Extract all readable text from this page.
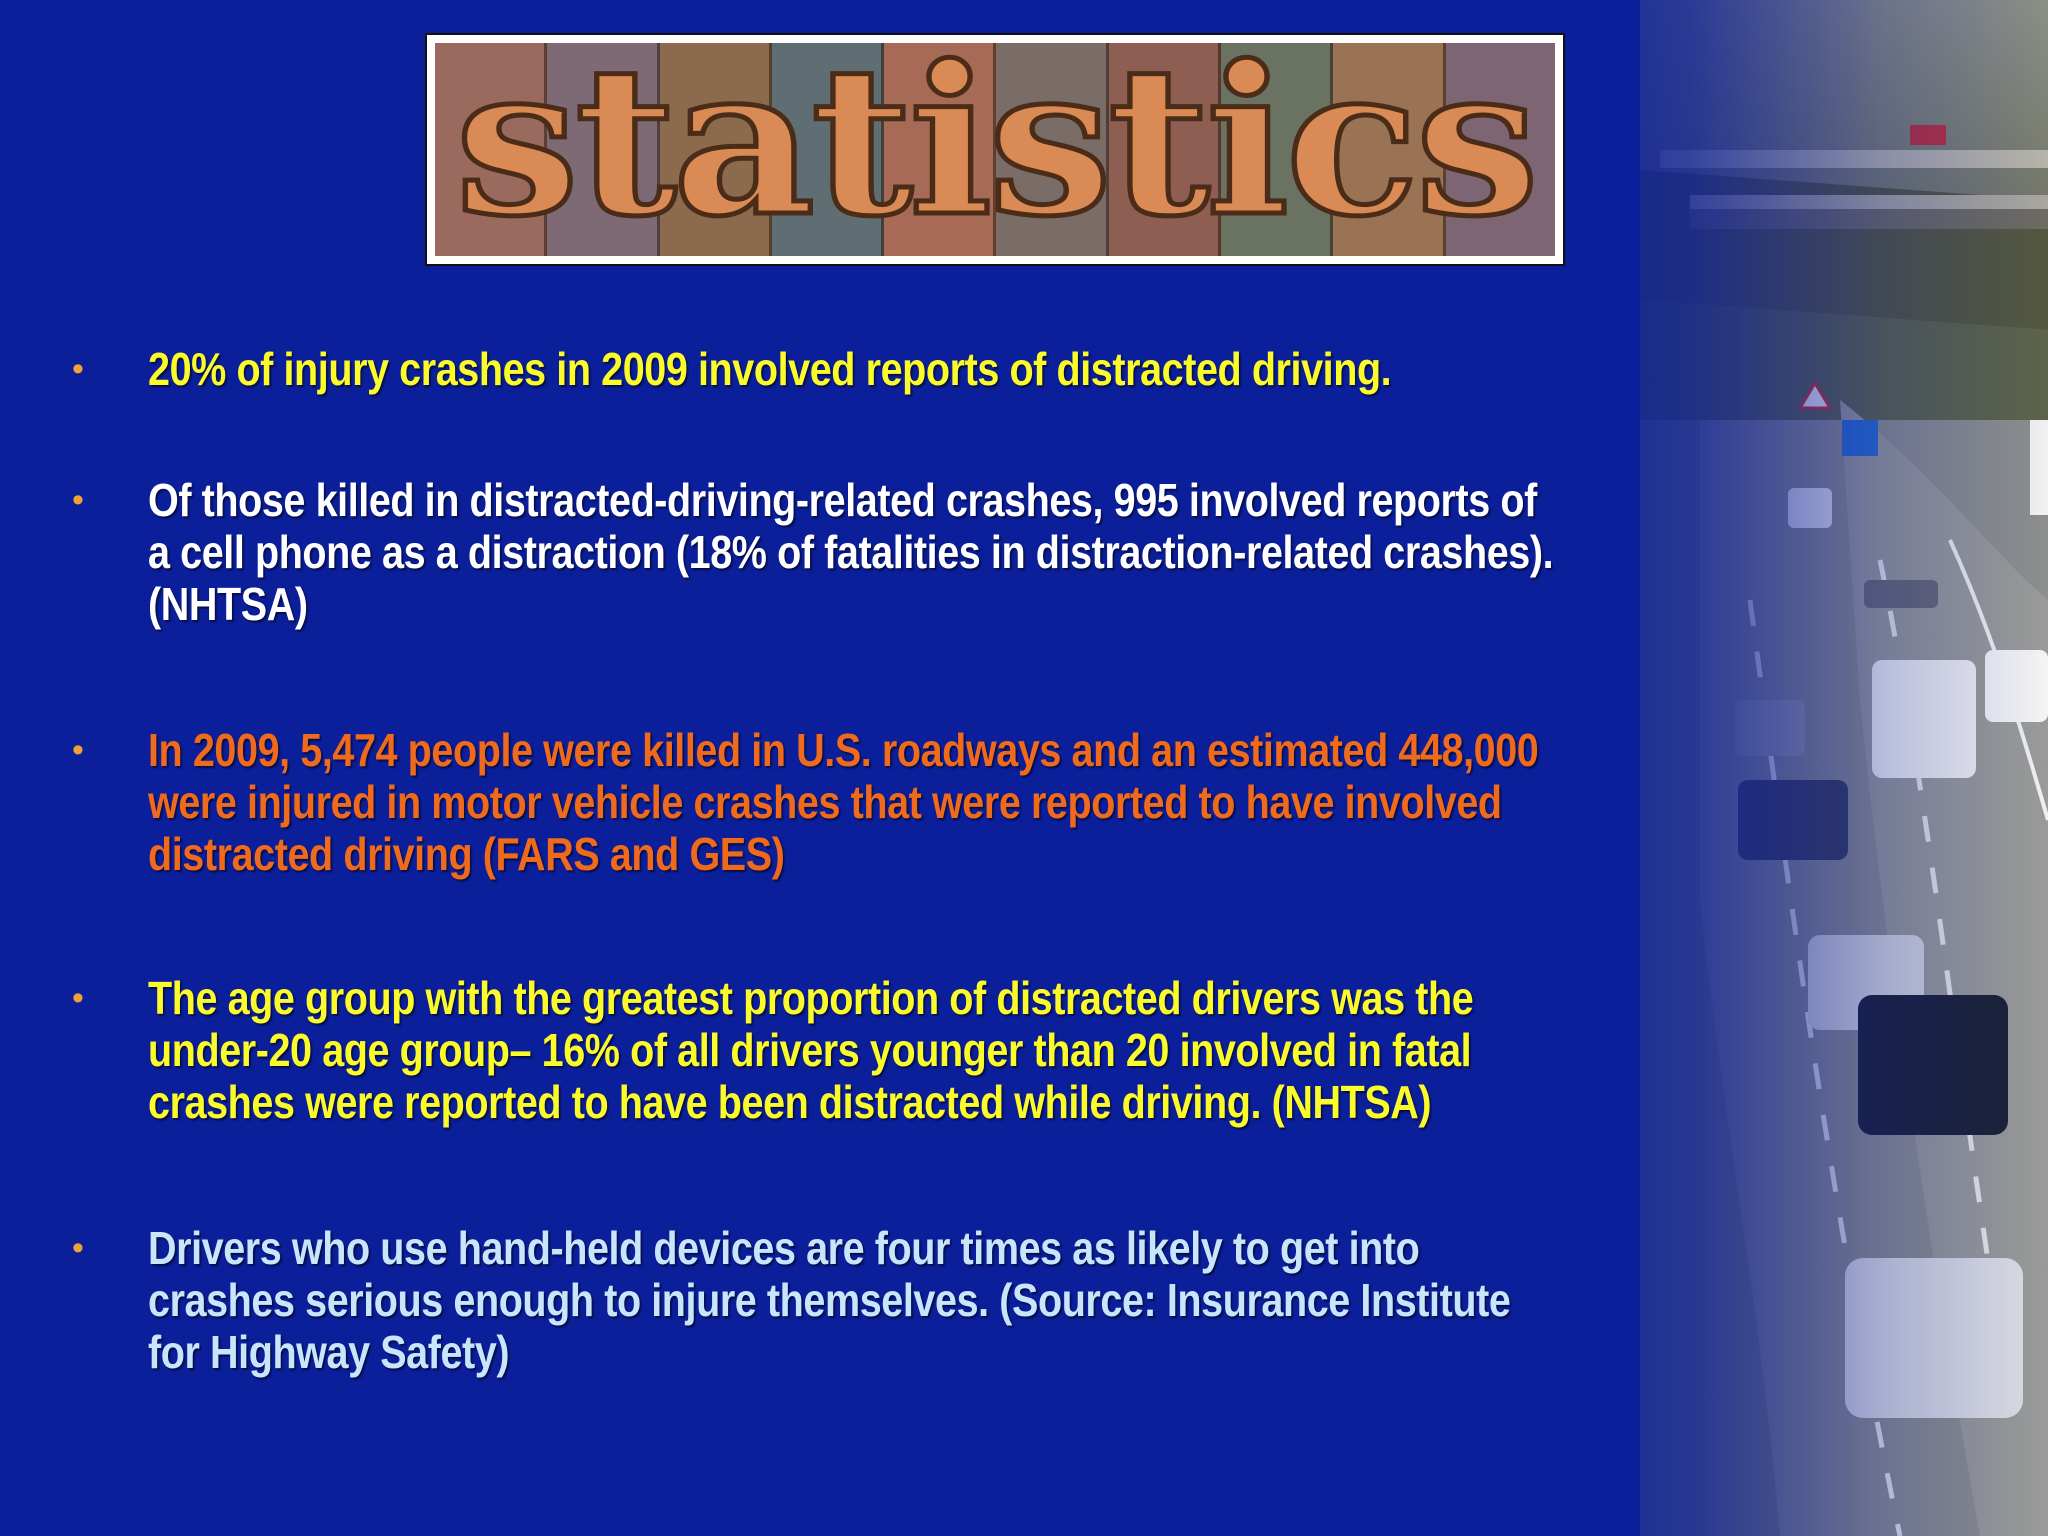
statistics
• 20% of injury crashes in 2009 involved reports of distracted driving.
• Of those killed in distracted-driving-related crashes, 995 involved reports of a cell phone as a distraction (18% of fatalities in distraction-related crashes). (NHTSA)
• In 2009, 5,474 people were killed in U.S. roadways and an estimated 448,000 were injured in motor vehicle crashes that were reported to have involved distracted driving (FARS and GES)
• The age group with the greatest proportion of distracted drivers was the under-20 age group– 16% of all drivers younger than 20 involved in fatal crashes were reported to have been distracted while driving. (NHTSA)
• Drivers who use hand-held devices are four times as likely to get into crashes serious enough to injure themselves. (Source: Insurance Institute for Highway Safety)
